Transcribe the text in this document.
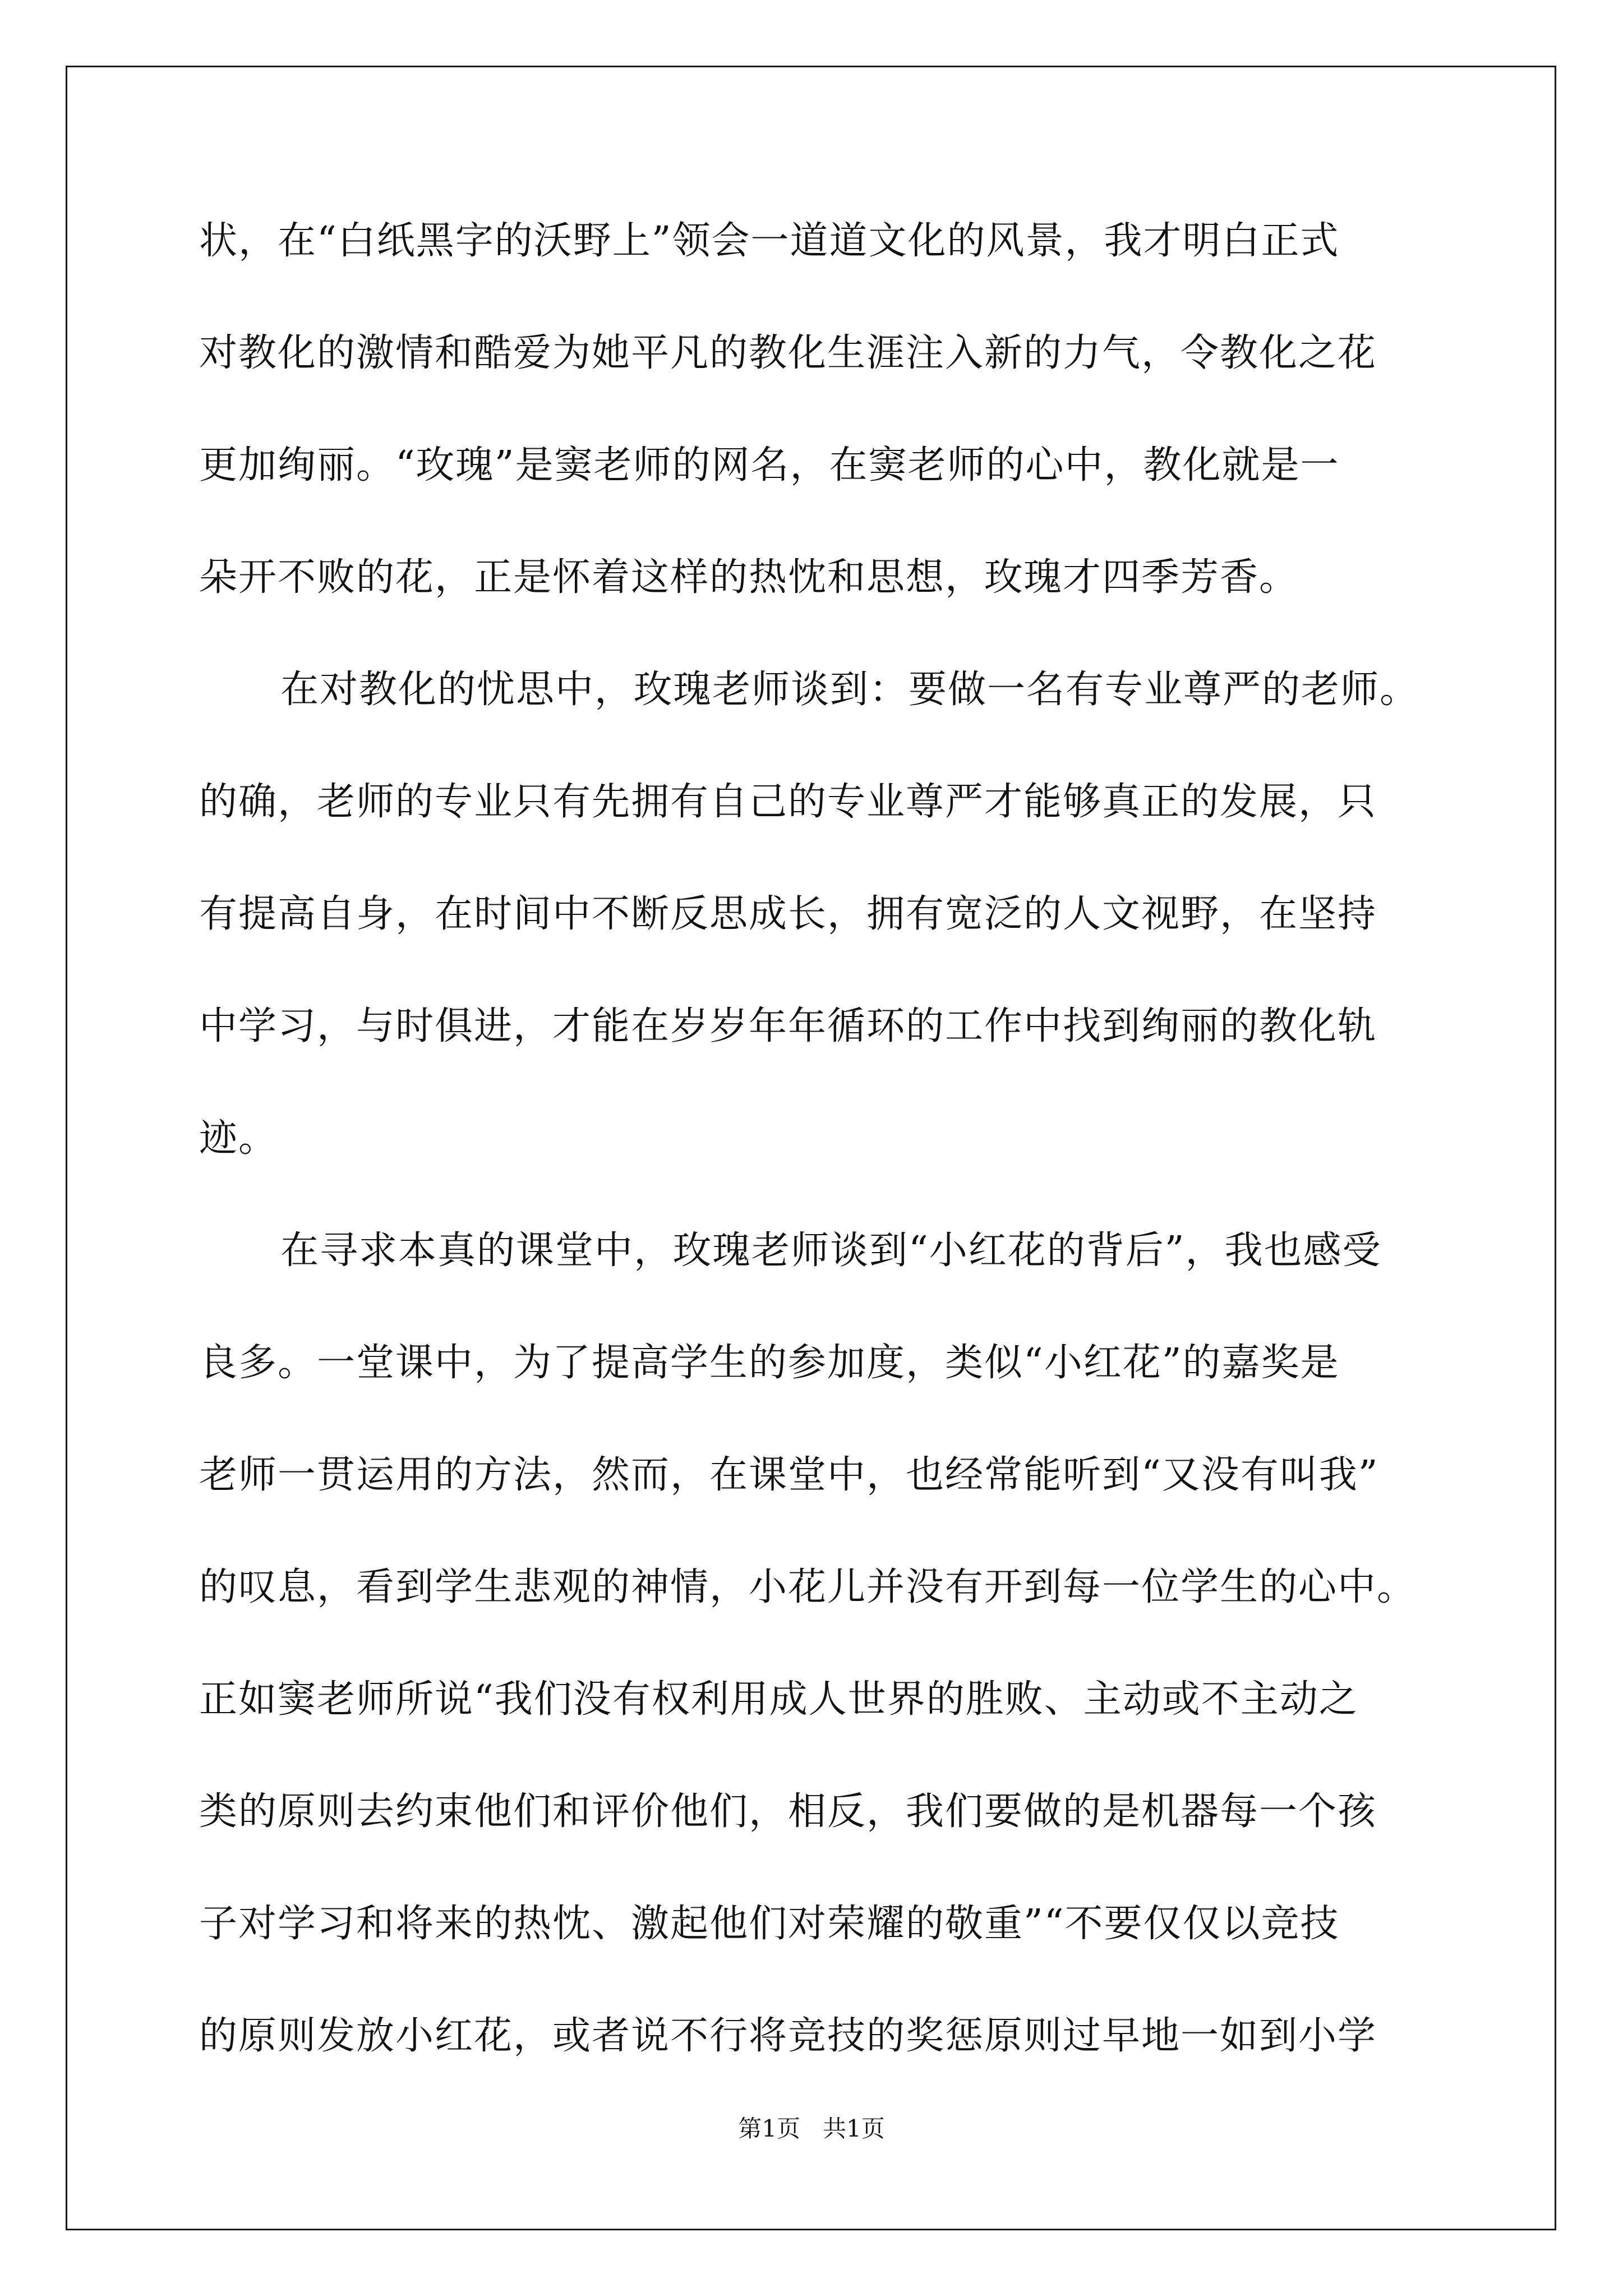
状，在“白纸黑字的沃野上”领会一道道文化的风景，我才明白正式
对教化的激情和酷爱为她平凡的教化生涯注入新的力气，令教化之花
更加绚丽。“玫瑰”是窦老师的网名，在窦老师的心中，教化就是一
朵开不败的花，正是怀着这样的热忱和思想，玫瑰才四季芳香。
在对教化的忧思中，玫瑰老师谈到：要做一名有专业尊严的老师。
的确，老师的专业只有先拥有自己的专业尊严才能够真正的发展，只
有提高自身，在时间中不断反思成长，拥有宽泛的人文视野，在坚持
中学习，与时俱进，才能在岁岁年年循环的工作中找到绚丽的教化轨
迹。
在寻求本真的课堂中，玫瑰老师谈到“小红花的背后”，我也感受
良多。一堂课中，为了提高学生的参加度，类似“小红花”的嘉奖是
老师一贯运用的方法，然而，在课堂中，也经常能听到“又没有叫我”
的叹息，看到学生悲观的神情，小花儿并没有开到每一位学生的心中。
正如窦老师所说“我们没有权利用成人世界的胜败、主动或不主动之
类的原则去约束他们和评价他们，相反，我们要做的是机器每一个孩
子对学习和将来的热忱、激起他们对荣耀的敬重”“不要仅仅以竞技
的原则发放小红花，或者说不行将竞技的奖惩原则过早地一如到小学
第1页 共1页
